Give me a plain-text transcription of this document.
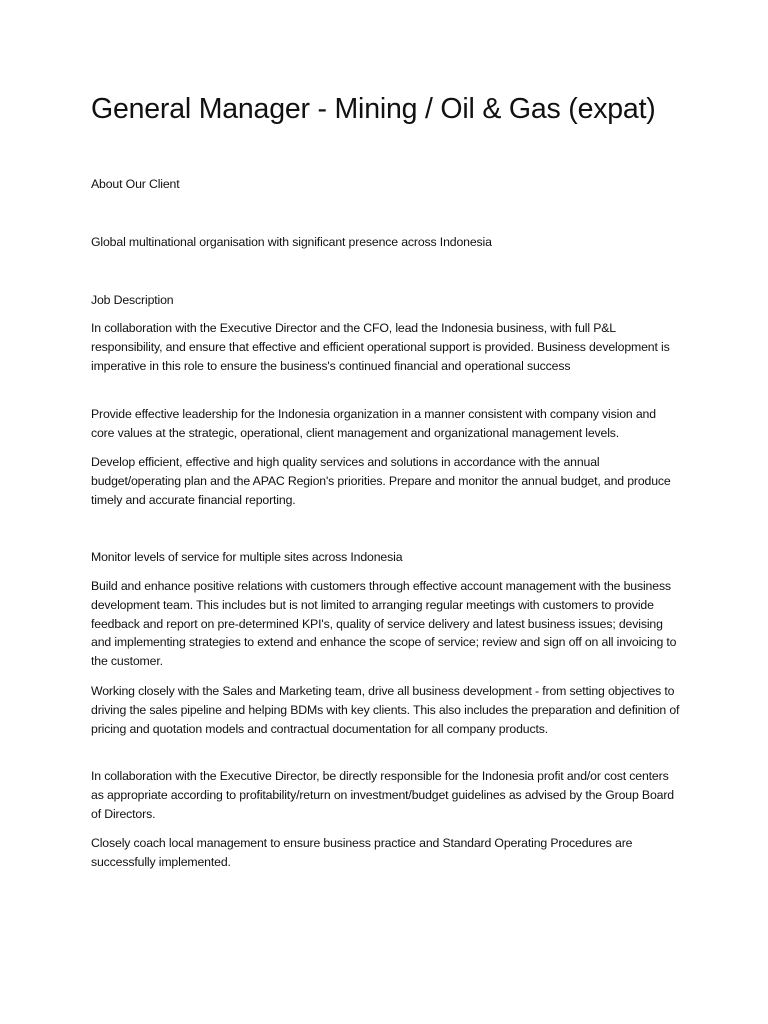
General Manager - Mining / Oil & Gas (expat)

About Our Client

Global multinational organisation with significant presence across Indonesia

Job Description

In collaboration with the Executive Director and the CFO, lead the Indonesia business, with full P&L responsibility, and ensure that effective and efficient operational support is provided. Business development is imperative in this role to ensure the business's continued financial and operational success

Provide effective leadership for the Indonesia organization in a manner consistent with company vision and core values at the strategic, operational, client management and organizational management levels.

Develop efficient, effective and high quality services and solutions in accordance with the annual budget/operating plan and the APAC Region's priorities. Prepare and monitor the annual budget, and produce timely and accurate financial reporting.

Monitor levels of service for multiple sites across Indonesia

Build and enhance positive relations with customers through effective account management with the business development team. This includes but is not limited to arranging regular meetings with customers to provide feedback and report on pre-determined KPI's, quality of service delivery and latest business issues; devising and implementing strategies to extend and enhance the scope of service; review and sign off on all invoicing to the customer.

Working closely with the Sales and Marketing team, drive all business development - from setting objectives to driving the sales pipeline and helping BDMs with key clients. This also includes the preparation and definition of pricing and quotation models and contractual documentation for all company products.

In collaboration with the Executive Director, be directly responsible for the Indonesia profit and/or cost centers as appropriate according to profitability/return on investment/budget guidelines as advised by the Group Board of Directors.

Closely coach local management to ensure business practice and Standard Operating Procedures are successfully implemented.
